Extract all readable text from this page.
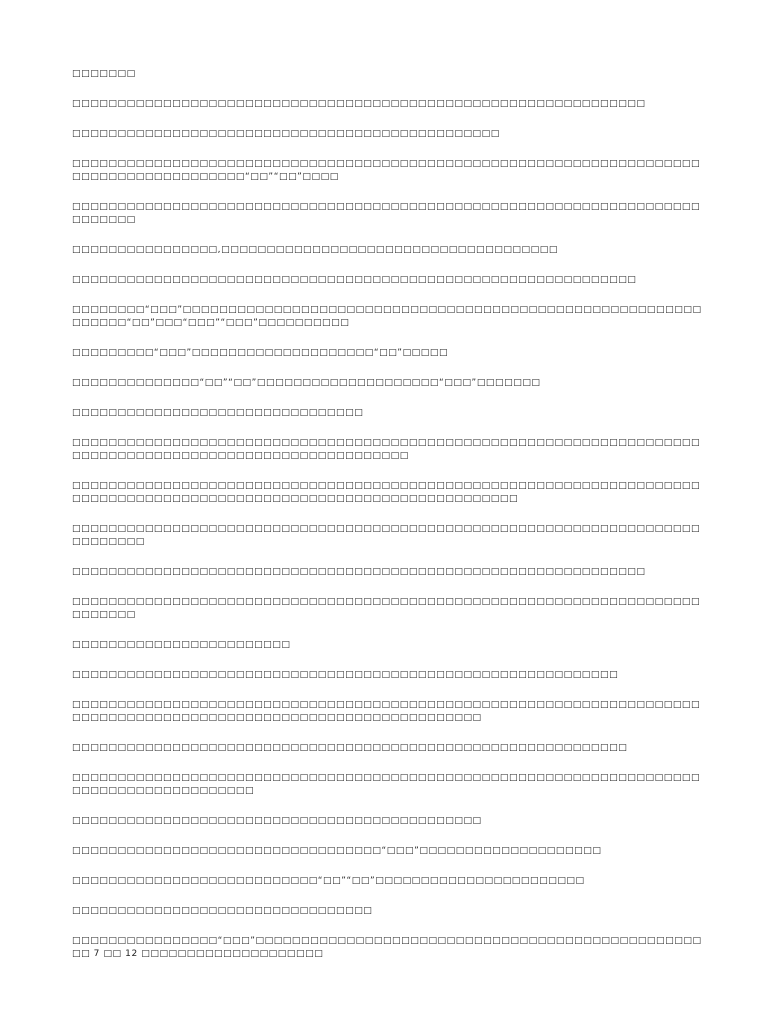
□□□□□□□

□□□□□□□□□□□□□□□□□□□□□□□□□□□□□□□□□□□□□□□□□□□□□□□□□□□□□□□□□□□□□□□

□□□□□□□□□□□□□□□□□□□□□□□□□□□□□□□□□□□□□□□□□□□□□□□

□□□□□□□□□□□□□□□□□□□□□□□□□□□□□□□□□□□□□□□□□□□□□□□□□□□□□□□□□□□□□□□□□□□□□□□□□□□□□□□□□□□□□□□□“□□”“□□”□□□□

□□□□□□□□□□□□□□□□□□□□□□□□□□□□□□□□□□□□□□□□□□□□□□□□□□□□□□□□□□□□□□□□□□□□□□□□□□□□

□□□□□□□□□□□□□□□□,□□□□□□□□□□□□□□□□□□□□□□□□□□□□□□□□□□□□□

□□□□□□□□□□□□□□□□□□□□□□□□□□□□□□□□□□□□□□□□□□□□□□□□□□□□□□□□□□□□□□

□□□□□□□□“□□□”□□□□□□□□□□□□□□□□□□□□□□□□□□□□□□□□□□□□□□□□□□□□□□□□□□□□□□□□□□□□□□□“□□”□□□“□□□”“□□□”□□□□□□□□□□

□□□□□□□□□“□□□”□□□□□□□□□□□□□□□□□□□□“□□”□□□□□

□□□□□□□□□□□□□□“□□”“□□”□□□□□□□□□□□□□□□□□□□□“□□□”□□□□□□□

□□□□□□□□□□□□□□□□□□□□□□□□□□□□□□□□

□□□□□□□□□□□□□□□□□□□□□□□□□□□□□□□□□□□□□□□□□□□□□□□□□□□□□□□□□□□□□□□□□□□□□□□□□□□□□□□□□□□□□□□□□□□□□□□□□□□□□□□□□□

□□□□□□□□□□□□□□□□□□□□□□□□□□□□□□□□□□□□□□□□□□□□□□□□□□□□□□□□□□□□□□□□□□□□□□□□□□□□□□□□□□□□□□□□□□□□□□□□□□□□□□□□□□□□□□□□□□□□□□

□□□□□□□□□□□□□□□□□□□□□□□□□□□□□□□□□□□□□□□□□□□□□□□□□□□□□□□□□□□□□□□□□□□□□□□□□□□□□

□□□□□□□□□□□□□□□□□□□□□□□□□□□□□□□□□□□□□□□□□□□□□□□□□□□□□□□□□□□□□□□

□□□□□□□□□□□□□□□□□□□□□□□□□□□□□□□□□□□□□□□□□□□□□□□□□□□□□□□□□□□□□□□□□□□□□□□□□□□□

□□□□□□□□□□□□□□□□□□□□□□□□

□□□□□□□□□□□□□□□□□□□□□□□□□□□□□□□□□□□□□□□□□□□□□□□□□□□□□□□□□□□□

□□□□□□□□□□□□□□□□□□□□□□□□□□□□□□□□□□□□□□□□□□□□□□□□□□□□□□□□□□□□□□□□□□□□□□□□□□□□□□□□□□□□□□□□□□□□□□□□□□□□□□□□□□□□□□□□□□

□□□□□□□□□□□□□□□□□□□□□□□□□□□□□□□□□□□□□□□□□□□□□□□□□□□□□□□□□□□□□

□□□□□□□□□□□□□□□□□□□□□□□□□□□□□□□□□□□□□□□□□□□□□□□□□□□□□□□□□□□□□□□□□□□□□□□□□□□□□□□□□□□□□□□□□

□□□□□□□□□□□□□□□□□□□□□□□□□□□□□□□□□□□□□□□□□□□□□

□□□□□□□□□□□□□□□□□□□□□□□□□□□□□□□□□□“□□□”□□□□□□□□□□□□□□□□□□□□

□□□□□□□□□□□□□□□□□□□□□□□□□□□“□□”“□□”□□□□□□□□□□□□□□□□□□□□□□□

□□□□□□□□□□□□□□□□□□□□□□□□□□□□□□□□□

□□□□□□□□□□□□□□□□“□□□”□□□□□□□□□□□□□□□□□□□□□□□□□□□□□□□□□□□□□□□□□□□□□□□□□□□ 7 □□ 12 □□□□□□□□□□□□□□□□□□□□
